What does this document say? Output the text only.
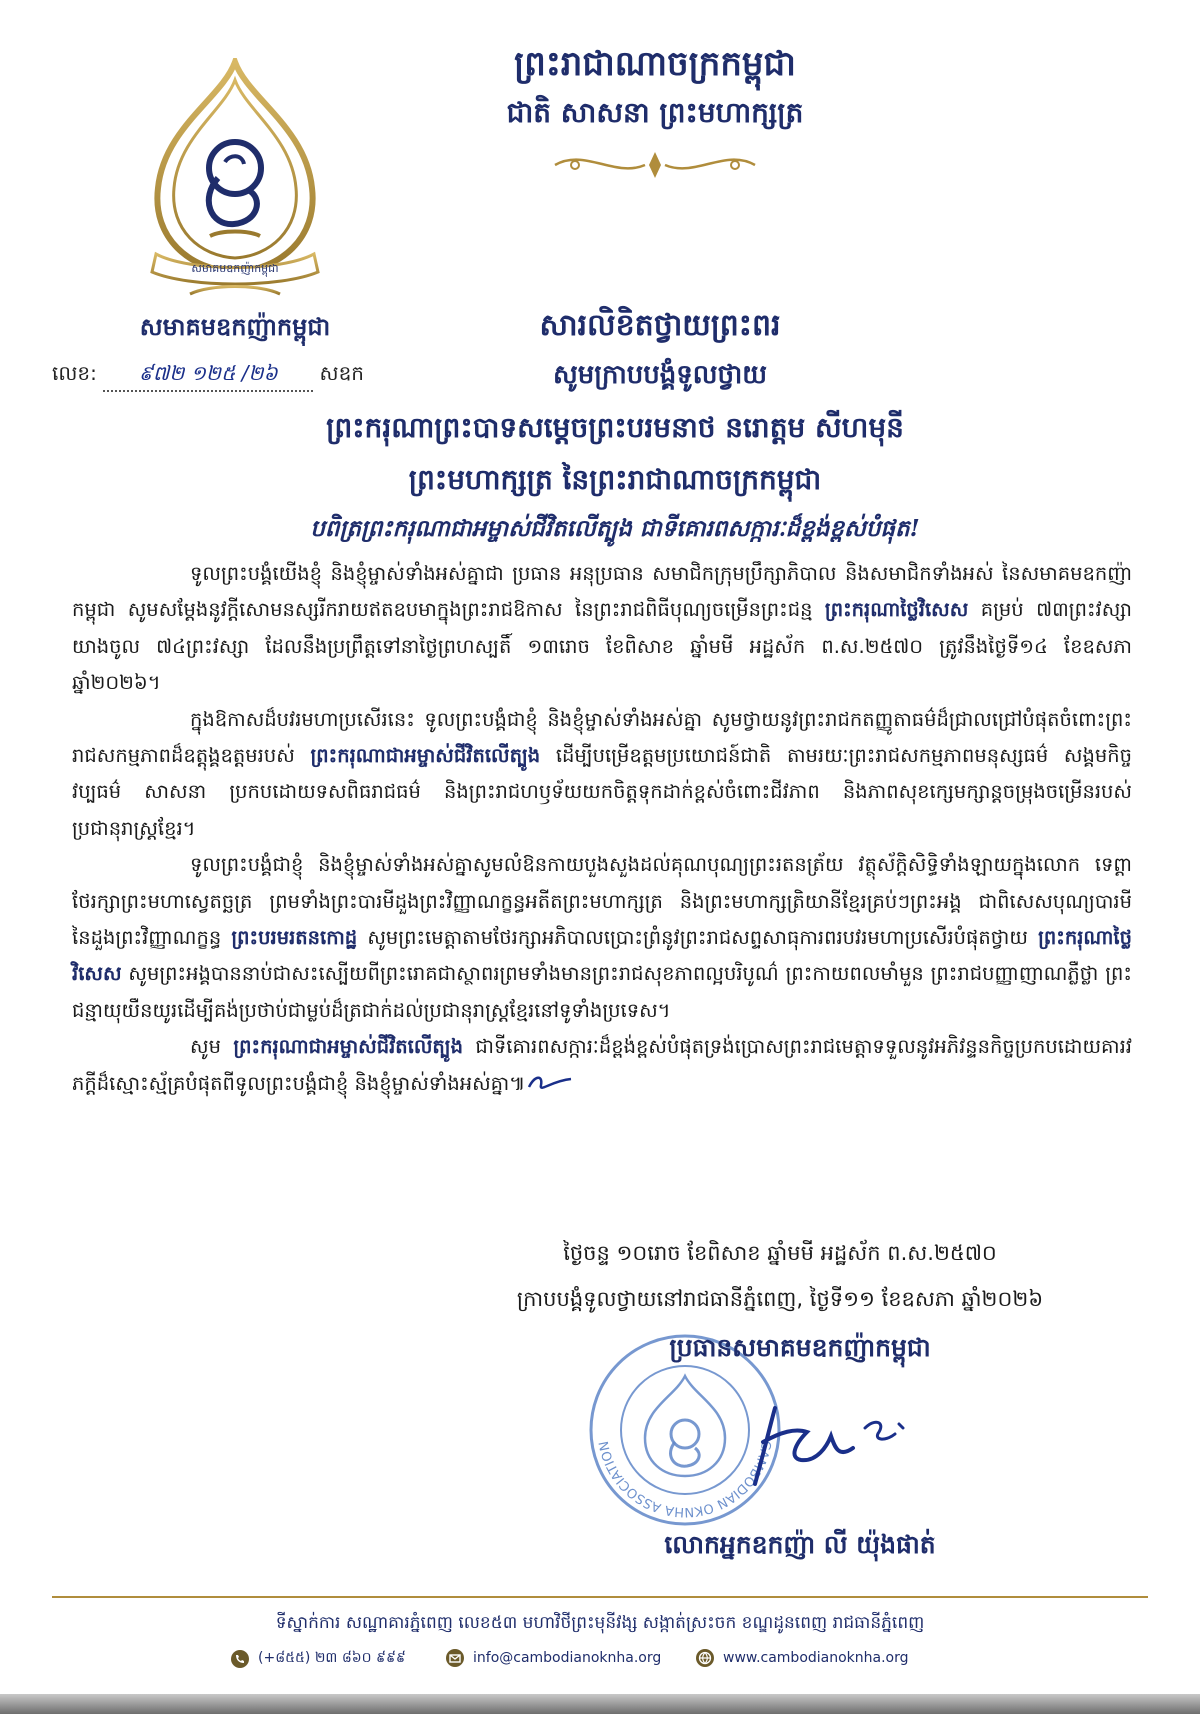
សមាគមឧកញ៉ាកម្ពុជា
សមាគមឧកញ៉ាកម្ពុជា
លេខ: ៩៧២ ១២៥ /២៦ សឧក
ព្រះរាជាណាចក្រកម្ពុជា
ជាតិ សាសនា ព្រះមហាក្សត្រ
សារលិខិតថ្វាយព្រះពរ
សូមក្រាបបង្គំទូលថ្វាយ
ព្រះករុណាព្រះបាទសម្តេចព្រះបរមនាថ នរោត្តម សីហមុនី
ព្រះមហាក្សត្រ នៃព្រះរាជាណាចក្រកម្ពុជា
បពិត្រព្រះករុណាជាអម្ចាស់ជីវិតលើត្បូង ជាទីគោរពសក្ការៈដ៏ខ្ពង់ខ្ពស់បំផុត!

ទូលព្រះបង្គំយើងខ្ញុំ និងខ្ញុំម្ចាស់ទាំងអស់គ្នាជា ប្រធាន អនុប្រធាន សមាជិកក្រុមប្រឹក្សាភិបាល និងសមាជិកទាំងអស់ នៃសមាគមឧកញ៉ាកម្ពុជា សូមសម្តែងនូវក្តីសោមនស្សរីករាយឥតឧបមាក្នុងព្រះរាជឱកាស នៃព្រះរាជពិធីបុណ្យចម្រើនព្រះជន្ម ព្រះករុណាថ្លៃវិសេស គម្រប់ ៧៣ព្រះវស្សា យាងចូល ៧៤ព្រះវស្សា ដែលនឹងប្រព្រឹត្តទៅនាថ្ងៃព្រហស្បតិ៍ ១៣រោច ខែពិសាខ ឆ្នាំមមី អដ្ឋស័ក ព.ស.២៥៧០ ត្រូវនឹងថ្ងៃទី១៤ ខែឧសភា ឆ្នាំ២០២៦។

ក្នុងឱកាសដ៏បវរមហាប្រសើរនេះ ទូលព្រះបង្គំជាខ្ញុំ និងខ្ញុំម្ចាស់ទាំងអស់គ្នា សូមថ្វាយនូវព្រះរាជកតញ្ញូតាធម៌ដ៏ជ្រាលជ្រៅបំផុតចំពោះព្រះរាជសកម្មភាពដ៏ឧត្តុង្គឧត្តមរបស់ ព្រះករុណាជាអម្ចាស់ជីវិតលើត្បូង ដើម្បីបម្រើឧត្តមប្រយោជន៍ជាតិ តាមរយៈព្រះរាជសកម្មភាពមនុស្សធម៌ សង្គមកិច្ច វប្បធម៌ សាសនា ប្រកបដោយទសពិធរាជធម៌ និងព្រះរាជហឫទ័យយកចិត្តទុកដាក់ខ្ពស់ចំពោះជីវភាព និងភាពសុខក្សេមក្សាន្តចម្រុងចម្រើនរបស់ប្រជានុរាស្ត្រខ្មែរ។

ទូលព្រះបង្គំជាខ្ញុំ និងខ្ញុំម្ចាស់ទាំងអស់គ្នាសូមលំឱនកាយបួងសួងដល់គុណបុណ្យព្រះរតនត្រ័យ វត្ថុស័ក្តិសិទ្ធិទាំងឡាយក្នុងលោក ទេព្តាថែរក្សាព្រះមហាស្វេតច្ឆត្រ ព្រមទាំងព្រះបារមីដួងព្រះវិញ្ញាណក្ខន្ធអតីតព្រះមហាក្សត្រ និងព្រះមហាក្សត្រិយានីខ្មែរគ្រប់ៗព្រះអង្គ ជាពិសេសបុណ្យបារមី នៃដួងព្រះវិញ្ញាណក្ខន្ធ ព្រះបរមរតនកោដ្ឋ សូមព្រះមេត្តាតាមថែរក្សាអភិបាលប្រោះព្រំនូវព្រះរាជសព្ទសាធុការពរបវរមហាប្រសើរបំផុតថ្វាយ ព្រះករុណាថ្លៃវិសេស សូមព្រះអង្គបាននាប់ជាសះស្បើយពីព្រះរោគជាស្ថាពរព្រមទាំងមានព្រះរាជសុខភាពល្អបរិបូណ៌ ព្រះកាយពលមាំមួន ព្រះរាជបញ្ញាញាណភ្លឺថ្លា ព្រះជន្មាយុយឺនយូរដើម្បីគង់ប្រថាប់ជាម្លប់ដ៏ត្រជាក់ដល់ប្រជានុរាស្ត្រខ្មែរនៅទូទាំងប្រទេស។

សូម ព្រះករុណាជាអម្ចាស់ជីវិតលើត្បូង ជាទីគោរពសក្ការៈដ៏ខ្ពង់ខ្ពស់បំផុតទ្រង់ប្រោសព្រះរាជមេត្តាទទួលនូវអភិវន្ទនកិច្ចប្រកបដោយគារវភក្តីដ៏ស្មោះស្ម័គ្របំផុតពីទូលព្រះបង្គំជាខ្ញុំ និងខ្ញុំម្ចាស់ទាំងអស់គ្នា៕

ថ្ងៃចន្ទ ១០រោច ខែពិសាខ ឆ្នាំមមី អដ្ឋស័ក ព.ស.២៥៧០
ក្រាបបង្គំទូលថ្វាយនៅរាជធានីភ្នំពេញ, ថ្ងៃទី១១ ខែឧសភា ឆ្នាំ២០២៦
CAMBODIAN OKNHA ASSOCIATION
ប្រធានសមាគមឧកញ៉ាកម្ពុជា
លោកអ្នកឧកញ៉ា លី យ៉ុងផាត់
ទីស្នាក់ការ សណ្ឋាគារភ្នំពេញ លេខ៥៣ មហាវិថីព្រះមុនីវង្ស សង្កាត់ស្រះចក ខណ្ឌដូនពេញ រាជធានីភ្នំពេញ
(+៨៥៥) ២៣ ៨៦០ ៩៩៩	info@cambodianoknha.org	www.cambodianoknha.org
